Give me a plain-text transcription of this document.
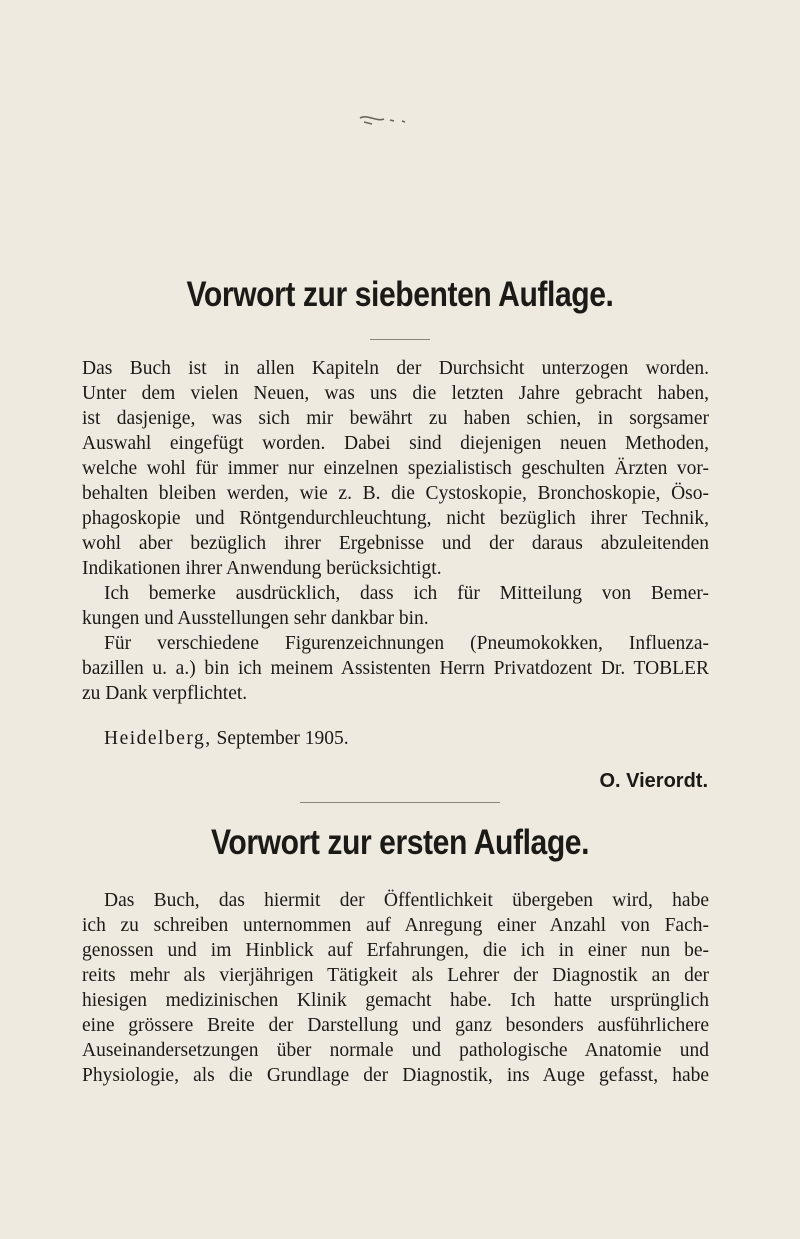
Vorwort zur siebenten Auflage.
Das Buch ist in allen Kapiteln der Durchsicht unterzogen worden.
Unter dem vielen Neuen, was uns die letzten Jahre gebracht haben,
ist dasjenige, was sich mir bewährt zu haben schien, in sorgsamer
Auswahl eingefügt worden. Dabei sind diejenigen neuen Methoden,
welche wohl für immer nur einzelnen spezialistisch geschulten Ärzten vor-
behalten bleiben werden, wie z. B. die Cystoskopie, Bronchoskopie, Öso-
phagoskopie und Röntgendurchleuchtung, nicht bezüglich ihrer Technik,
wohl aber bezüglich ihrer Ergebnisse und der daraus abzuleitenden
Indikationen ihrer Anwendung berücksichtigt.
Ich bemerke ausdrücklich, dass ich für Mitteilung von Bemer-
kungen und Ausstellungen sehr dankbar bin.
Für verschiedene Figurenzeichnungen (Pneumokokken, Influenza-
bazillen u. a.) bin ich meinem Assistenten Herrn Privatdozent Dr. TOBLER
zu Dank verpflichtet.
Heidelberg, September 1905.
O. Vierordt.
Vorwort zur ersten Auflage.
Das Buch, das hiermit der Öffentlichkeit übergeben wird, habe
ich zu schreiben unternommen auf Anregung einer Anzahl von Fach-
genossen und im Hinblick auf Erfahrungen, die ich in einer nun be-
reits mehr als vierjährigen Tätigkeit als Lehrer der Diagnostik an der
hiesigen medizinischen Klinik gemacht habe. Ich hatte ursprünglich
eine grössere Breite der Darstellung und ganz besonders ausführlichere
Auseinandersetzungen über normale und pathologische Anatomie und
Physiologie, als die Grundlage der Diagnostik, ins Auge gefasst, habe
